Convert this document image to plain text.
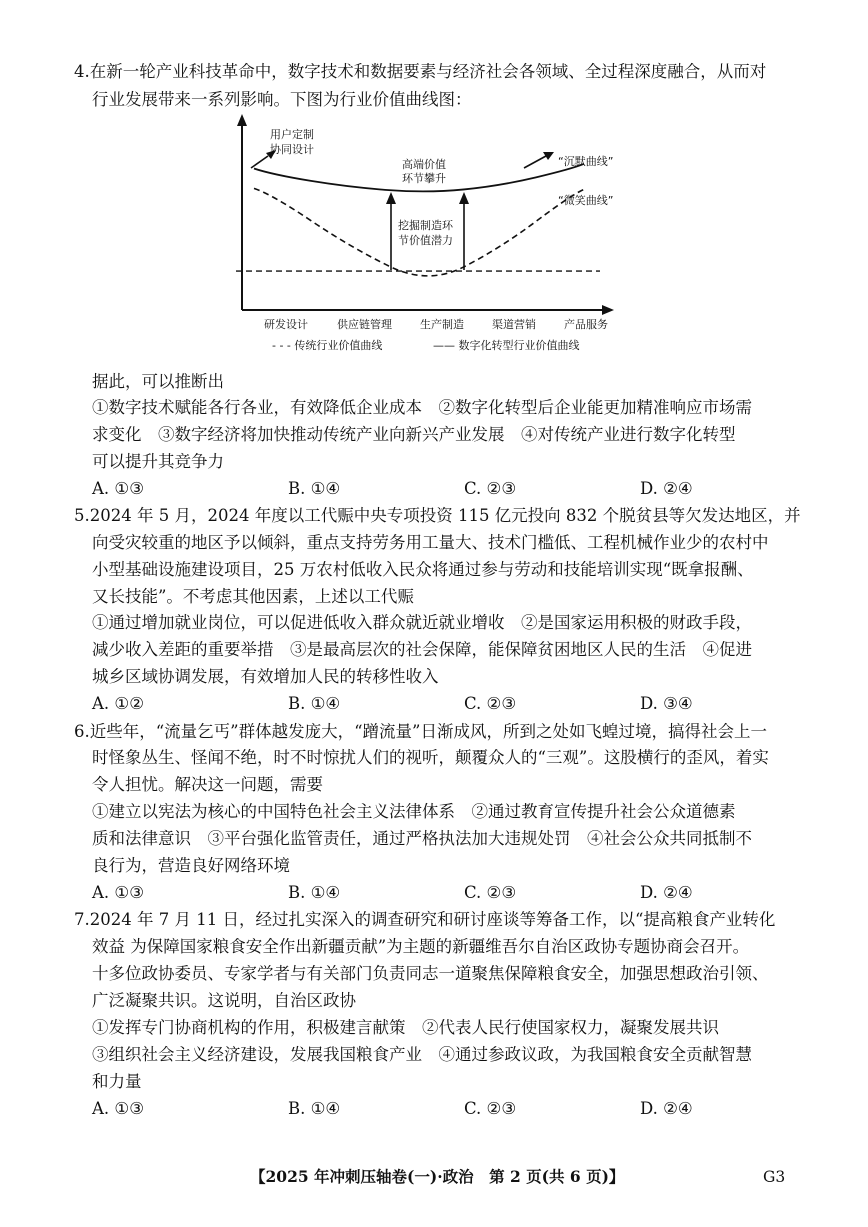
4.在新一轮产业科技革命中，数字技术和数据要素与经济社会各领域、全过程深度融合，从而对
行业发展带来一系列影响。下图为行业价值曲线图：
用户定制
协同设计
高端价值
环节攀升
挖掘制造环
节价值潜力
“沉默曲线”
“微笑曲线”
研发设计	供应链管理	生产制造	渠道营销	产品服务
- - - 传统行业价值曲线	—— 数字化转型行业价值曲线
据此，可以推断出
①数字技术赋能各行各业，有效降低企业成本　②数字化转型后企业能更加精准响应市场需
求变化　③数字经济将加快推动传统产业向新兴产业发展　④对传统产业进行数字化转型
可以提升其竞争力
A. ①③	B. ①④	C. ②③	D. ②④
5.2024 年 5 月，2024 年度以工代赈中央专项投资 115 亿元投向 832 个脱贫县等欠发达地区，并
向受灾较重的地区予以倾斜，重点支持劳务用工量大、技术门槛低、工程机械作业少的农村中
小型基础设施建设项目，25 万农村低收入民众将通过参与劳动和技能培训实现“既拿报酬、
又长技能”。不考虑其他因素，上述以工代赈
①通过增加就业岗位，可以促进低收入群众就近就业增收　②是国家运用积极的财政手段，
减少收入差距的重要举措　③是最高层次的社会保障，能保障贫困地区人民的生活　④促进
城乡区域协调发展，有效增加人民的转移性收入
A. ①②	B. ①④	C. ②③	D. ③④
6.近些年，“流量乞丐”群体越发庞大，“蹭流量”日渐成风，所到之处如飞蝗过境，搞得社会上一
时怪象丛生、怪闻不绝，时不时惊扰人们的视听，颠覆众人的“三观”。这股横行的歪风，着实
令人担忧。解决这一问题，需要
①建立以宪法为核心的中国特色社会主义法律体系　②通过教育宣传提升社会公众道德素
质和法律意识　③平台强化监管责任，通过严格执法加大违规处罚　④社会公众共同抵制不
良行为，营造良好网络环境
A. ①③	B. ①④	C. ②③	D. ②④
7.2024 年 7 月 11 日，经过扎实深入的调查研究和研讨座谈等筹备工作，以“提高粮食产业转化
效益 为保障国家粮食安全作出新疆贡献”为主题的新疆维吾尔自治区政协专题协商会召开。
十多位政协委员、专家学者与有关部门负责同志一道聚焦保障粮食安全，加强思想政治引领、
广泛凝聚共识。这说明，自治区政协
①发挥专门协商机构的作用，积极建言献策　②代表人民行使国家权力，凝聚发展共识
③组织社会主义经济建设，发展我国粮食产业　④通过参政议政，为我国粮食安全贡献智慧
和力量
A. ①③	B. ①④	C. ②③	D. ②④
【2025 年冲刺压轴卷(一)·政治　第 2 页(共 6 页)】	G3
